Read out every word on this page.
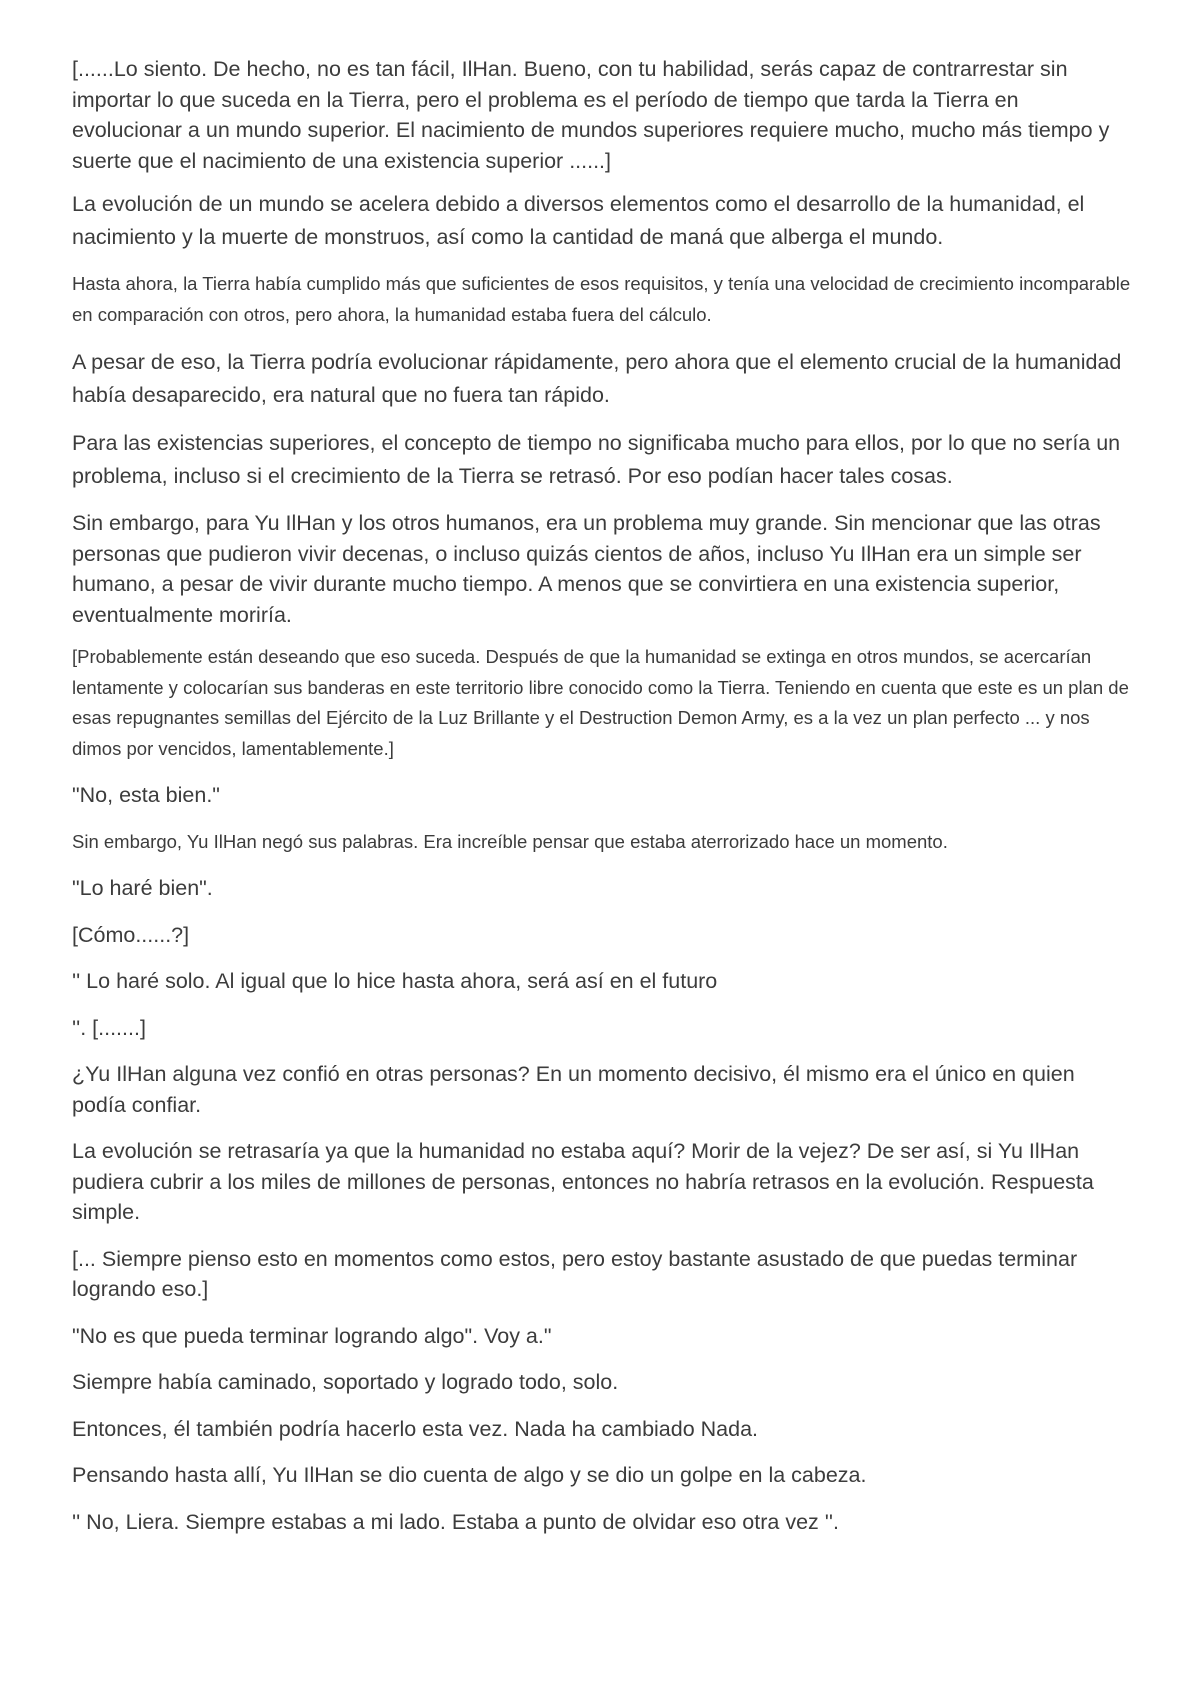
[......Lo siento. De hecho, no es tan fácil, IlHan. Bueno, con tu habilidad, serás capaz de contrarrestar sin importar lo que suceda en la Tierra, pero el problema es el período de tiempo que tarda la Tierra en evolucionar a un mundo superior. El nacimiento de mundos superiores requiere mucho, mucho más tiempo y suerte que el nacimiento de una existencia superior ......]

La evolución de un mundo se acelera debido a diversos elementos como el desarrollo de la humanidad, el nacimiento y la muerte de monstruos, así como la cantidad de maná que alberga el mundo.

Hasta ahora, la Tierra había cumplido más que suficientes de esos requisitos, y tenía una velocidad de crecimiento incomparable en comparación con otros, pero ahora, la humanidad estaba fuera del cálculo.

A pesar de eso, la Tierra podría evolucionar rápidamente, pero ahora que el elemento crucial de la humanidad había desaparecido, era natural que no fuera tan rápido.

Para las existencias superiores, el concepto de tiempo no significaba mucho para ellos, por lo que no sería un problema, incluso si el crecimiento de la Tierra se retrasó. Por eso podían hacer tales cosas.

Sin embargo, para Yu IlHan y los otros humanos, era un problema muy grande. Sin mencionar que las otras personas que pudieron vivir decenas, o incluso quizás cientos de años, incluso Yu IlHan era un simple ser humano, a pesar de vivir durante mucho tiempo. A menos que se convirtiera en una existencia superior, eventualmente moriría.

[Probablemente están deseando que eso suceda. Después de que la humanidad se extinga en otros mundos, se acercarían lentamente y colocarían sus banderas en este territorio libre conocido como la Tierra. Teniendo en cuenta que este es un plan de esas repugnantes semillas del Ejército de la Luz Brillante y el Destruction Demon Army, es a la vez un plan perfecto ... y nos dimos por vencidos, lamentablemente.]

"No, esta bien."

Sin embargo, Yu IlHan negó sus palabras. Era increíble pensar que estaba aterrorizado hace un momento.

"Lo haré bien".

[Cómo......?]

'' Lo haré solo. Al igual que lo hice hasta ahora, será así en el futuro

''. [.......]

¿Yu IlHan alguna vez confió en otras personas? En un momento decisivo, él mismo era el único en quien podía confiar.

La evolución se retrasaría ya que la humanidad no estaba aquí? Morir de la vejez? De ser así, si Yu IlHan pudiera cubrir a los miles de millones de personas, entonces no habría retrasos en la evolución. Respuesta simple.

[... Siempre pienso esto en momentos como estos, pero estoy bastante asustado de que puedas terminar logrando eso.]

"No es que pueda terminar logrando algo". Voy a."

Siempre había caminado, soportado y logrado todo, solo.

Entonces, él también podría hacerlo esta vez. Nada ha cambiado Nada.

Pensando hasta allí, Yu IlHan se dio cuenta de algo y se dio un golpe en la cabeza.

'' No, Liera. Siempre estabas a mi lado. Estaba a punto de olvidar eso otra vez ''.
